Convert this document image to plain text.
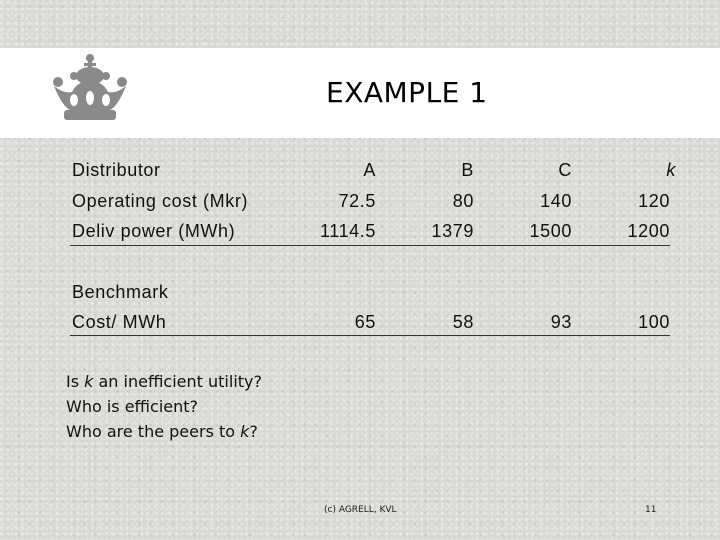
EXAMPLE 1
Distributor
Operating cost (Mkr)
Deliv power (MWh)
Benchmark
Cost/ MWh
A
72.5
1114.5
65
B
80
1379
58
C
140
1500
93
k
120
1200
100
Is k an inefficient utility?
Who is efficient?
Who are the peers to k?
(c) AGRELL, KVL	11
